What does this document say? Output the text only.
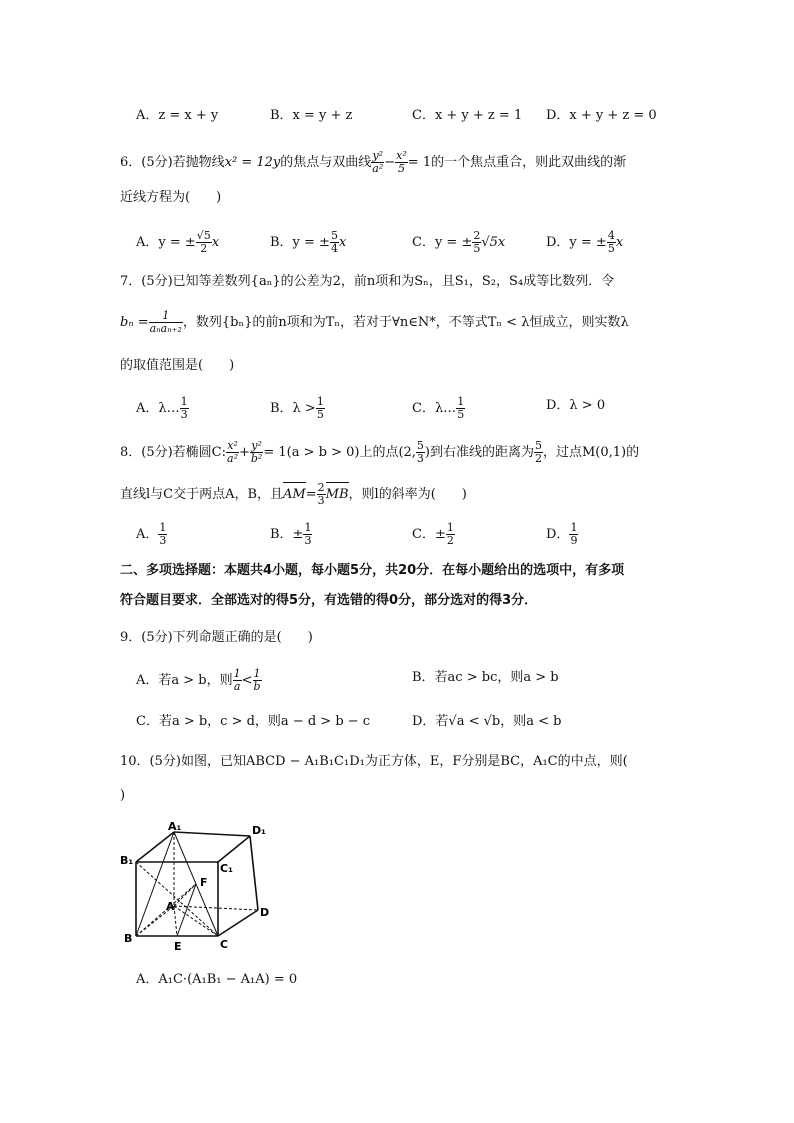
A．z = x + y	B．x = y + z	C．x + y + z = 1 D．x + y + z = 0
6．(5分)若抛物线x² = 12y的焦点与双曲线 $\frac{\text{y²}}{\text{a²}} - \frac{\text{x²}}{5} = 1$的一个焦点重合，则此双曲线的渐
近线方程为(　　)
A．y = ± $\frac{√5}{2}$ x	B．y = ± $\frac{5}{4}$ x	C．y = ± $\frac{2}{5} √5x$	D．y = ± $\frac{4}{5}$ x
7．(5分)已知等差数列{aₙ}的公差为2，前n项和为Sₙ，且S₁，S₂，S₄成等比数列．令
$b_n = \frac{1}{\text{aₙaₙ₊₂}}$ ，数列{bₙ}的前n项和为Tₙ，若对于∀n∈N*，不等式Tₙ < λ恒成立，则实数λ
的取值范围是(　　)
A．λ… $\frac{1}{3}$	B．$\lambda > \frac{1}{5}$	C．λ… $\frac{1}{5}$	D．λ > 0
8．(5分)若椭圆C: $\frac{\text{x²}}{\text{a²}} + \frac{\text{y²}}{\text{b²}} = 1(a > b > 0)$上的点(2, $\frac{5}{3}$ )到右准线的距离为 $\frac{5}{2}$ ，过点M(0,1)的
直线l与C交于两点A，B，且$AM= \frac{2}{3}$ MB，则l的斜率为(　　)
A． $\frac{1}{3}$	B．± $\frac{1}{3}$	C．± $\frac{1}{2}$	D． $\frac{1}{9}$
二、多项选择题：本题共4小题，每小题5分，共20分．在每小题给出的选项中，有多项
符合题目要求．全部选对的得5分，有选错的得0分，部分选对的得3分．
9．(5分)下列命题正确的是(　　)
A．若a > b，则 $\frac{1}{a} < \frac{1}{b}$	B．若ac > bc，则a > b
C．若a > b，c > d，则a − d > b − c	D．若√a < √b，则a < b
10．(5分)如图，已知ABCD − A₁B₁C₁D₁为正方体，E，F分别是BC，A₁C的中点，则(
)
A₁	D₁
B₁
C₁
F
A	D
B
E	C
A．A₁C·(A₁B₁ − A₁A) = 0
